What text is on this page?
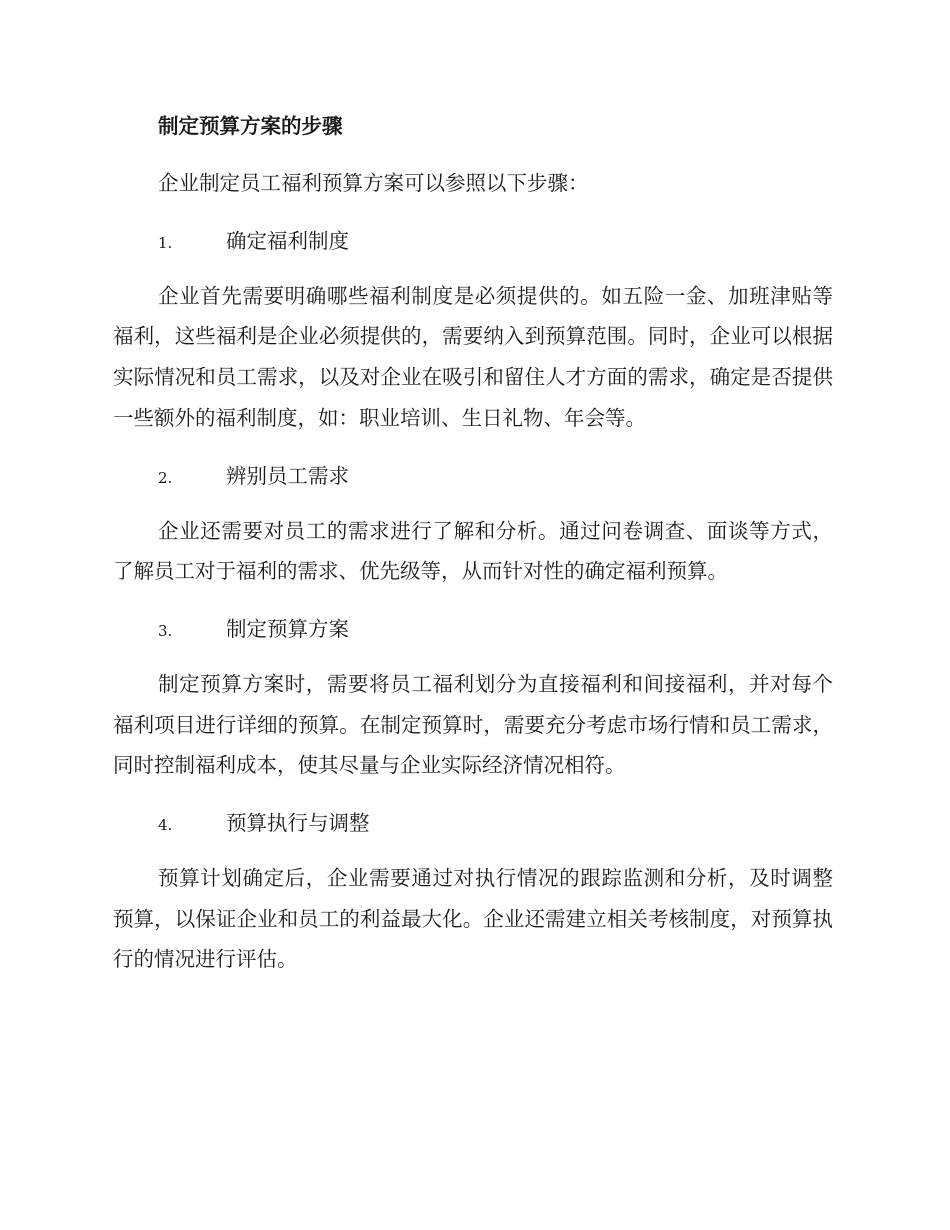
制定预算方案的步骤

企业制定员工福利预算方案可以参照以下步骤：

1.	确定福利制度

企业首先需要明确哪些福利制度是必须提供的。如五险一金、加班津贴等福利，这些福利是企业必须提供的，需要纳入到预算范围。同时，企业可以根据实际情况和员工需求，以及对企业在吸引和留住人才方面的需求，确定是否提供一些额外的福利制度，如：职业培训、生日礼物、年会等。

2.	辨别员工需求

企业还需要对员工的需求进行了解和分析。通过问卷调查、面谈等方式，了解员工对于福利的需求、优先级等，从而针对性的确定福利预算。

3.	制定预算方案

制定预算方案时，需要将员工福利划分为直接福利和间接福利，并对每个福利项目进行详细的预算。在制定预算时，需要充分考虑市场行情和员工需求，同时控制福利成本，使其尽量与企业实际经济情况相符。

4.	预算执行与调整

预算计划确定后，企业需要通过对执行情况的跟踪监测和分析，及时调整预算，以保证企业和员工的利益最大化。企业还需建立相关考核制度，对预算执行的情况进行评估。
